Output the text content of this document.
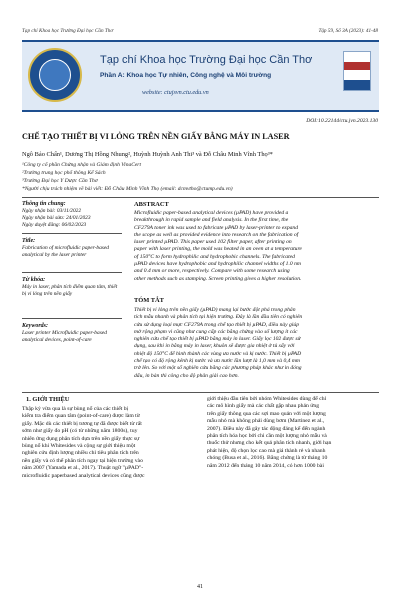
Tạp chí Khoa học Trường Đại học Cần Thơ	Tập 59, Số 3A (2023): 41-48
Tạp chí Khoa học Trường Đại học Cần Thơ
Phần A: Khoa học Tự nhiên, Công nghệ và Môi trường
website: ctujsvn.ctu.edu.vn
DOI:10.22144/ctu.jvn.2023.130
CHẾ TẠO THIẾT BỊ VI LỎNG TRÊN NỀN GIẤY BẰNG MÁY IN LASER
Ngô Bảo Chấn¹, Dương Thị Hồng Nhung², Huỳnh Huỳnh Anh Thi³ và Đỗ Châu Minh Vĩnh Thọ³*
¹Công ty cổ phần Chứng nhận và Giám định VinaCert
²Trường trung học phổ thông Kế Sách
³Trường Đại học Y Dược Cần Thơ
*Người chịu trách nhiệm về bài viết: Đỗ Châu Minh Vĩnh Thọ (email: dcmvtho@ctump.edu.vn)
Thông tin chung:
Ngày nhận bài: 03/11/2022
Ngày nhận bài sửa: 24/01/2023
Ngày duyệt đăng: 06/02/2023
Title:
Fabrication of microfluidic paper-based analytical by the laser printer
Từ khóa:
Máy in laser, phân tích điểm quan tâm, thiết bị vi lỏng trên nền giấy
Keywords:
Laser printer Microfluidic paper-based analytical devices, point-of-care
ABSTRACT
Microfluidic paper-based analytical devices (µPAD) have provided a
breakthrough in rapid sample and field analysis. In the first time, the
CF279A toner ink was used to fabricate µPAD by laser-printer to expand
the scope as well as provided evidence into research on the fabrication of
laser printed µPAD. This paper used 102 filter paper, after printing on
paper with laser printing, the mold was heated in an oven at a temperature
of 150°C to form hydrophilic and hydrophobic channels. The fabricated
µPAD devices have hydrophobic and hydrophilic channel widths of 1.0 nm
and 0.4 mm or more, respectively. Compare with some research using
other methods such as stamping. Screen printing gives a higher resolution.
TÓM TẮT
Thiết bị vi lỏng trên nền giấy (µPAD) mang lại bước đột phá trong phân
tích mẫu nhanh và phân tích tại hiện trường. Đây là lần đầu tiên có nghiên
cứu sử dụng loại mực CF279A trong chế tạo thiết bị µPAD, điều này giúp
mở rộng phạm vi cũng như cung cấp các bằng chứng vào số lượng ít các
nghiên cứu chế tạo thiết bị µPAD bằng máy in laser. Giấy lọc 102 được sử
dụng, sau khi in bằng máy in laser, khuôn sẽ được gia nhiệt ở tủ sấy với
nhiệt độ 150°C để hình thành các vùng ưa nước và kị nước. Thiết bị µPAD
chế tạo có độ rộng kênh kị nước và ưa nước lần lượt là 1,0 mm và 0,4 mm
trở lên. So với một số nghiên cứu bằng các phương pháp khác như in đóng
dấu, in bàn thì công cho độ phân giải cao hơn.
1. GIỚI THIỆU
Thập kỷ vừa qua là sự bùng nổ của các thiết bị
kiểm tra điểm quan tâm (point-of-care) được làm từ
giấy. Mặc dù các thiết bị tương tự đã được biết từ rất
sớm như giấy đo pH (có từ những năm 1800s), tuy
nhiên ứng dụng phân tích dựa trên nền giấy thực sự
bùng nổ khi Whitesides và cộng sự giới thiệu một
nghiên cứu định lượng nhiều chỉ tiêu phân tích trên
nền giấy và có thể phân tích ngay tại hiện trường vào
năm 2007 (Yamada et al., 2017). Thuật ngữ "µPAD"-
microfluidic paperbased analytical devices cũng được
giới thiệu đầu tiên bởi nhóm Whitesides dùng để chỉ
các mô hình giấy mà các chất gặp nhau phản ứng
trên giấy thông qua các sợi mao quản với một lượng
mẫu nhỏ mà không phải dùng bơm (Martinez et al.,
2007). Điều này đã gây tác động đáng kể đến ngành
phân tích hóa học bởi chi cần một lượng nhỏ mẫu và
thuốc thử nhưng cho kết quả phân tích nhanh, giới hạn
phát hiện, độ chọn lọc cao mà giá thành rẻ và nhanh
chóng (Busa et al., 2016). Bằng chứng là từ tháng 10
năm 2012 đến tháng 10 năm 2014, có hơn 1000 bài
41
